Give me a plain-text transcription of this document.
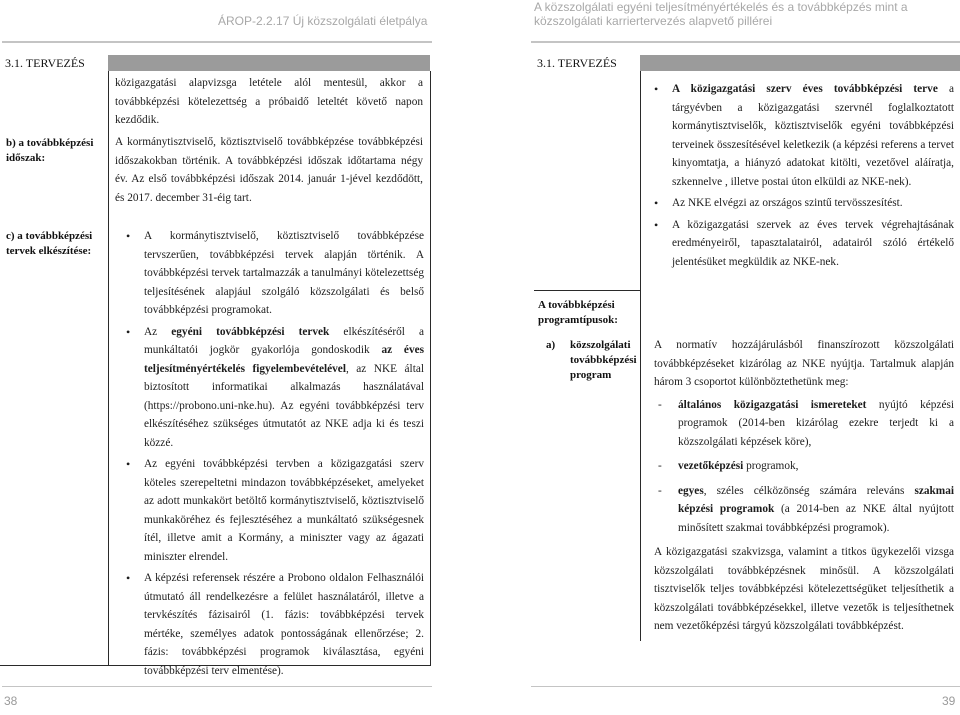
ÁROP-2.2.17 Új közszolgálati életpálya
A közszolgálati egyéni teljesítményértékelés és a továbbképzés mint a
közszolgálati karriertervezés alapvető pillérei
3.1. TERVEZÉS
közigazgatási alapvizsga letétele alól mentesül, akkor a továbbképzési kötelezettség a próbaidő leteltét követő napon kezdődik.
b) a továbbképzési időszak:
A kormánytisztviselő, köztisztviselő továbbképzése továbbképzési időszakokban történik. A továbbképzési időszak időtartama négy év. Az első továbbképzési időszak 2014. január 1-jével kezdődött, és 2017. december 31-éig tart.
c) a továbbképzési tervek elkészítése:
• A kormánytisztviselő, köztisztviselő továbbképzése tervszerűen, továbbképzési tervek alapján történik. A továbbképzési tervek tartalmazzák a tanulmányi kötelezettség teljesítésének alapjául szolgáló közszolgálati és belső továbbképzési programokat.
• Az egyéni továbbképzési tervek elkészítéséről a munkáltatói jogkör gyakorlója gondoskodik az éves teljesítményértékelés figyelembevételével, az NKE által biztosított informatikai alkalmazás használatával (https://probono.uni-nke.hu). Az egyéni továbbképzési terv elkészítéséhez szükséges útmutatót az NKE adja ki és teszi közzé.
• Az egyéni továbbképzési tervben a közigazgatási szerv köteles szerepeltetni mindazon továbbképzéseket, amelyeket az adott munkakört betöltő kormánytisztviselő, köztisztviselő munkaköréhez és fejlesztéséhez a munkáltató szükségesnek ítél, illetve amit a Kormány, a miniszter vagy az ágazati miniszter elrendel.
• A képzési referensek részére a Probono oldalon Felhasználói útmutató áll rendelkezésre a felület használatáról, illetve a tervkészítés fázisairól (1. fázis: továbbképzési tervek mértéke, személyes adatok pontosságának ellenőrzése; 2. fázis: továbbképzési programok kiválasztása, egyéni továbbképzési terv elmentése).
38
3.1. TERVEZÉS
• A közigazgatási szerv éves továbbképzési terve a tárgyévben a közigazgatási szervnél foglalkoztatott kormánytisztviselők, köztisztviselők egyéni továbbképzési terveinek összesítésével keletkezik (a képzési referens a tervet kinyomtatja, a hiányzó adatokat kitölti, vezetővel aláíratja, szkennelve , illetve postai úton elküldi az NKE-nek).
• Az NKE elvégzi az országos szintű tervösszesítést.
• A közigazgatási szervek az éves tervek végrehajtásának eredményeiről, tapasztalatairól, adatairól szóló értékelő jelentésüket megküldik az NKE-nek.
A továbbképzési programtípusok:
a)	közszolgálati továbbképzési program

A normatív hozzájárulásból finanszírozott közszolgálati továbbképzéseket kizárólag az NKE nyújtja. Tartalmuk alapján három 3 csoportot különböztethetünk meg:

- általános közigazgatási ismereteket nyújtó képzési programok (2014-ben kizárólag ezekre terjedt ki a közszolgálati képzések köre),
- vezetőképzési programok,
- egyes, széles célközönség számára releváns szakmai képzési programok (a 2014-ben az NKE által nyújtott minősített szakmai továbbképzési programok).

A közigazgatási szakvizsga, valamint a titkos ügykezelői vizsga közszolgálati továbbképzésnek minősül. A közszolgálati tisztviselők teljes továbbképzési kötelezettségüket teljesíthetik a közszolgálati továbbképzésekkel, illetve vezetők is teljesíthetnek nem vezetőképzési tárgyú közszolgálati továbbképzést.

39
